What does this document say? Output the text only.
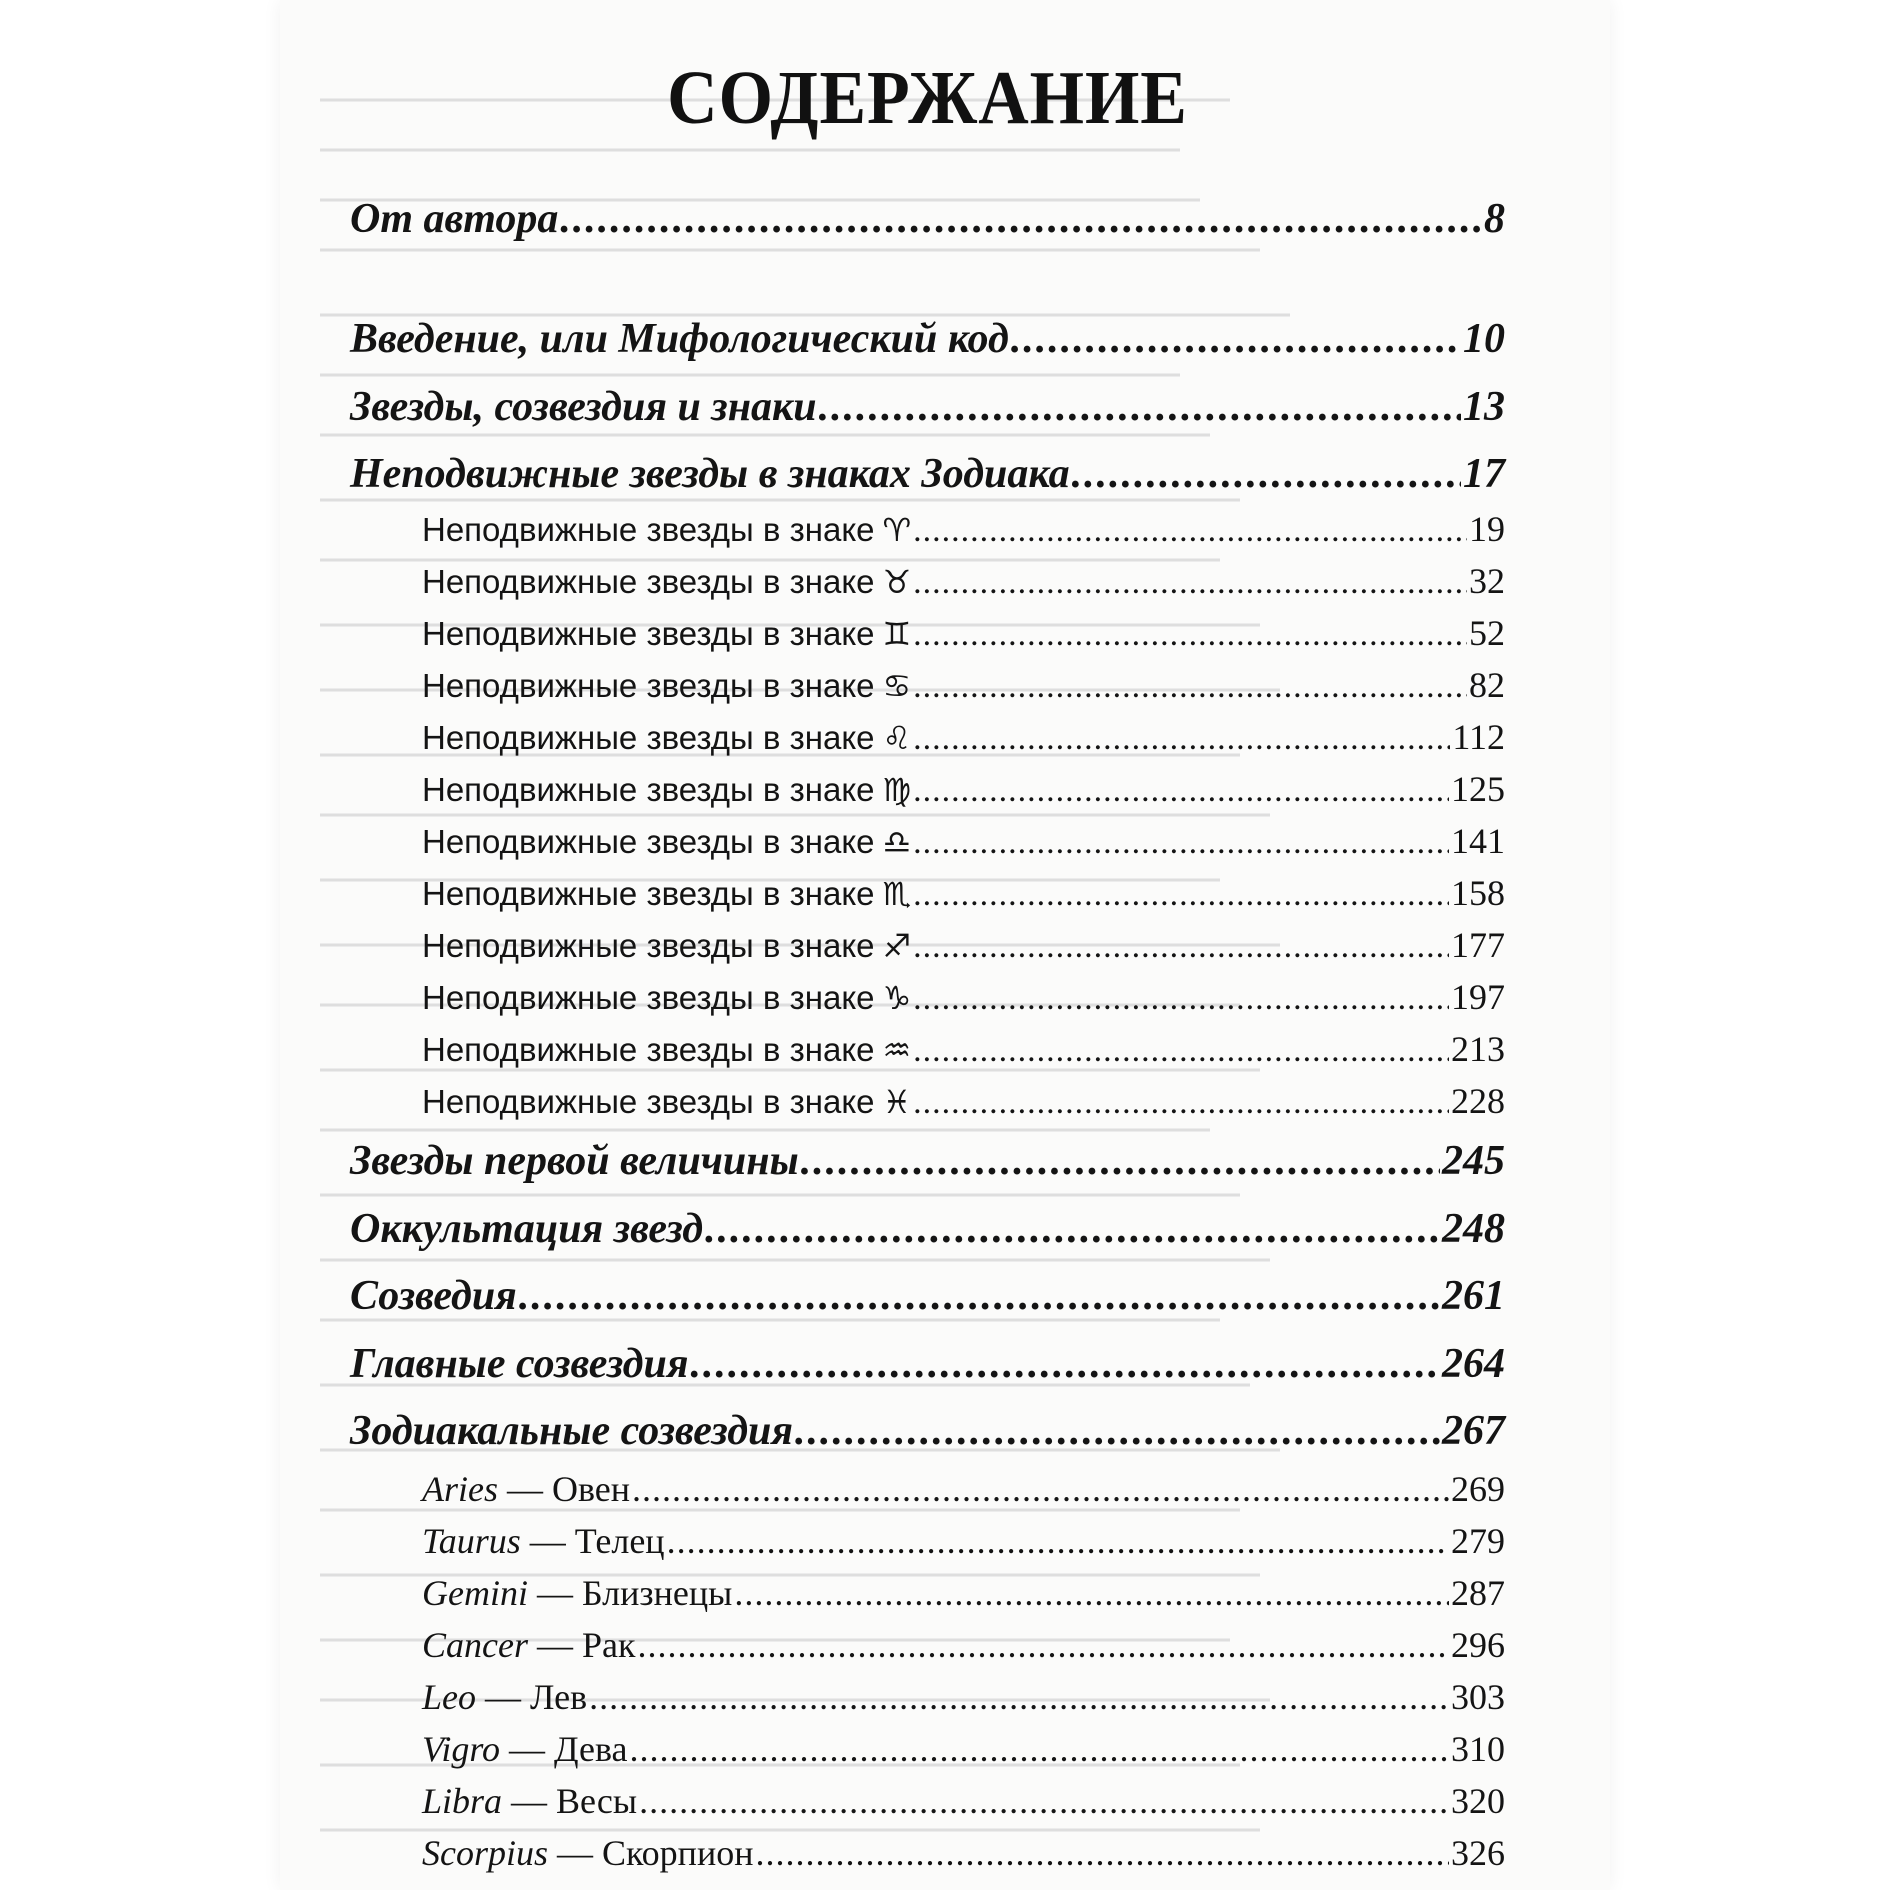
СОДЕРЖАНИЕ
От автора .....	8
Введение, или Мифологический код .....	10
Звезды, созвездия и знаки .....	13
Неподвижные звезды в знаках Зодиака .....	17
Неподвижные звезды в знаке ♈ .....	19
Неподвижные звезды в знаке ♉ .....	32
Неподвижные звезды в знаке ♊ .....	52
Неподвижные звезды в знаке ♋ .....	82
Неподвижные звезды в знаке ♌ .....	112
Неподвижные звезды в знаке ♍ .....	125
Неподвижные звезды в знаке ♎ .....	141
Неподвижные звезды в знаке ♏ .....	158
Неподвижные звезды в знаке ♐ .....	177
Неподвижные звезды в знаке ♑ .....	197
Неподвижные звезды в знаке ♒ .....	213
Неподвижные звезды в знаке ♓ .....	228
Звезды первой величины .....	245
Оккультация звезд .....	248
Созведия .....	261
Главные созвездия .....	264
Зодиакальные созвездия .....	267
Aries — Овен .....	269
Taurus — Телец .....	279
Gemini — Близнецы .....	287
Cancer — Рак .....	296
Leo — Лев .....	303
Vigro — Дева .....	310
Libra — Весы .....	320
Scorpius — Скорпион .....	326
